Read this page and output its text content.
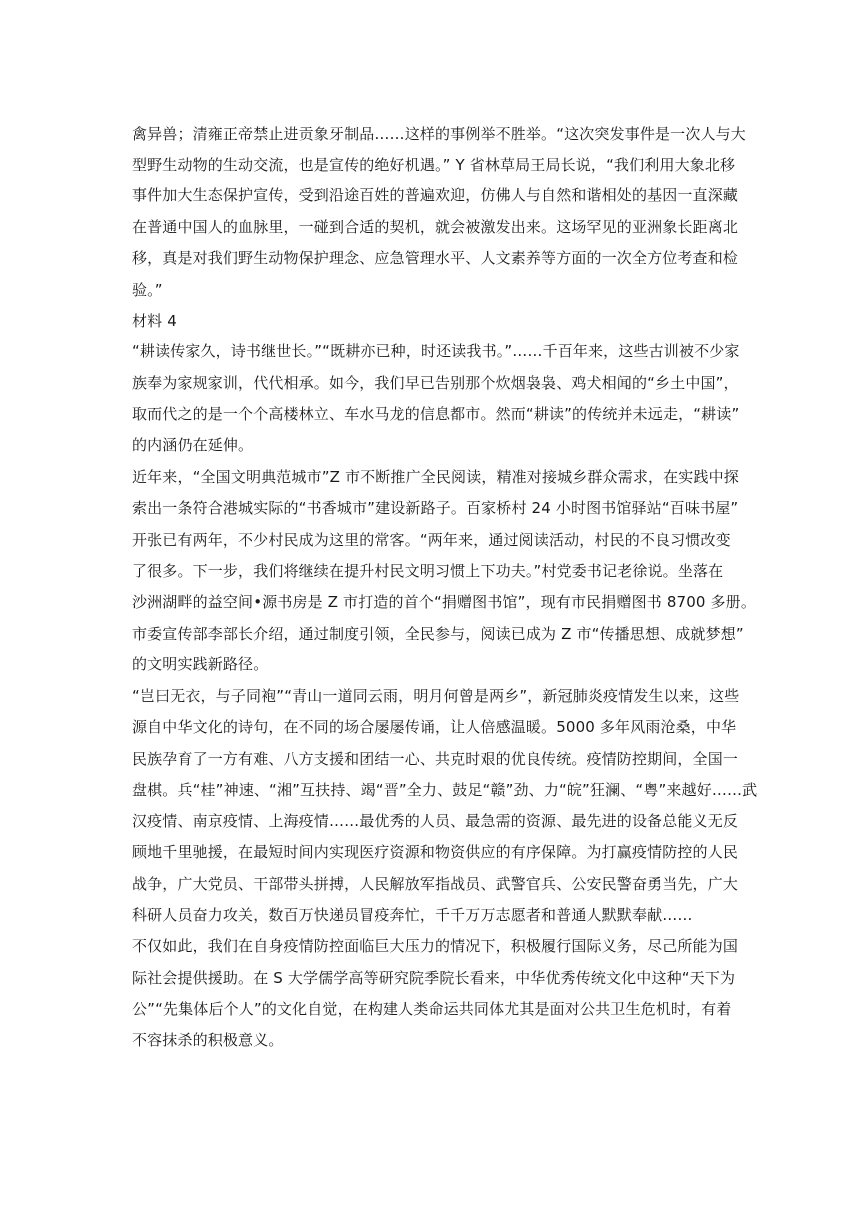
禽异兽；清雍正帝禁止进贡象牙制品……这样的事例举不胜举。“这次突发事件是一次人与大
型野生动物的生动交流，也是宣传的绝好机遇。” Y 省林草局王局长说，“我们利用大象北移
事件加大生态保护宣传，受到沿途百姓的普遍欢迎，仿佛人与自然和谐相处的基因一直深藏
在普通中国人的血脉里，一碰到合适的契机，就会被激发出来。这场罕见的亚洲象长距离北
移，真是对我们野生动物保护理念、应急管理水平、人文素养等方面的一次全方位考查和检
验。”
材料 4
“耕读传家久，诗书继世长。”“既耕亦已种，时还读我书。”……千百年来，这些古训被不少家
族奉为家规家训，代代相承。如今，我们早已告别那个炊烟袅袅、鸡犬相闻的“乡土中国”，
取而代之的是一个个高楼林立、车水马龙的信息都市。然而“耕读”的传统并未远走，“耕读”
的内涵仍在延伸。
近年来，“全国文明典范城市”Z 市不断推广全民阅读，精准对接城乡群众需求，在实践中探
索出一条符合港城实际的“书香城市”建设新路子。百家桥村 24 小时图书馆驿站“百味书屋”
开张已有两年，不少村民成为这里的常客。“两年来，通过阅读活动，村民的不良习惯改变
了很多。下一步，我们将继续在提升村民文明习惯上下功夫。”村党委书记老徐说。坐落在
沙洲湖畔的益空间•源书房是 Z 市打造的首个“捐赠图书馆”，现有市民捐赠图书 8700 多册。
市委宣传部李部长介绍，通过制度引领，全民参与，阅读已成为 Z 市“传播思想、成就梦想”
的文明实践新路径。
“岂曰无衣，与子同袍”“青山一道同云雨，明月何曾是两乡”，新冠肺炎疫情发生以来，这些
源自中华文化的诗句，在不同的场合屡屡传诵，让人倍感温暖。5000 多年风雨沧桑，中华
民族孕育了一方有难、八方支援和团结一心、共克时艰的优良传统。疫情防控期间，全国一
盘棋。兵“桂”神速、“湘”互扶持、竭“晋”全力、鼓足“赣”劲、力“皖”狂澜、“粤”来越好……武
汉疫情、南京疫情、上海疫情……最优秀的人员、最急需的资源、最先进的设备总能义无反
顾地千里驰援，在最短时间内实现医疗资源和物资供应的有序保障。为打赢疫情防控的人民
战争，广大党员、干部带头拼搏，人民解放军指战员、武警官兵、公安民警奋勇当先，广大
科研人员奋力攻关，数百万快递员冒疫奔忙，千千万万志愿者和普通人默默奉献……
不仅如此，我们在自身疫情防控面临巨大压力的情况下，积极履行国际义务，尽己所能为国
际社会提供援助。在 S 大学儒学高等研究院季院长看来，中华优秀传统文化中这种“天下为
公”“先集体后个人”的文化自觉，在构建人类命运共同体尤其是面对公共卫生危机时，有着
不容抹杀的积极意义。
